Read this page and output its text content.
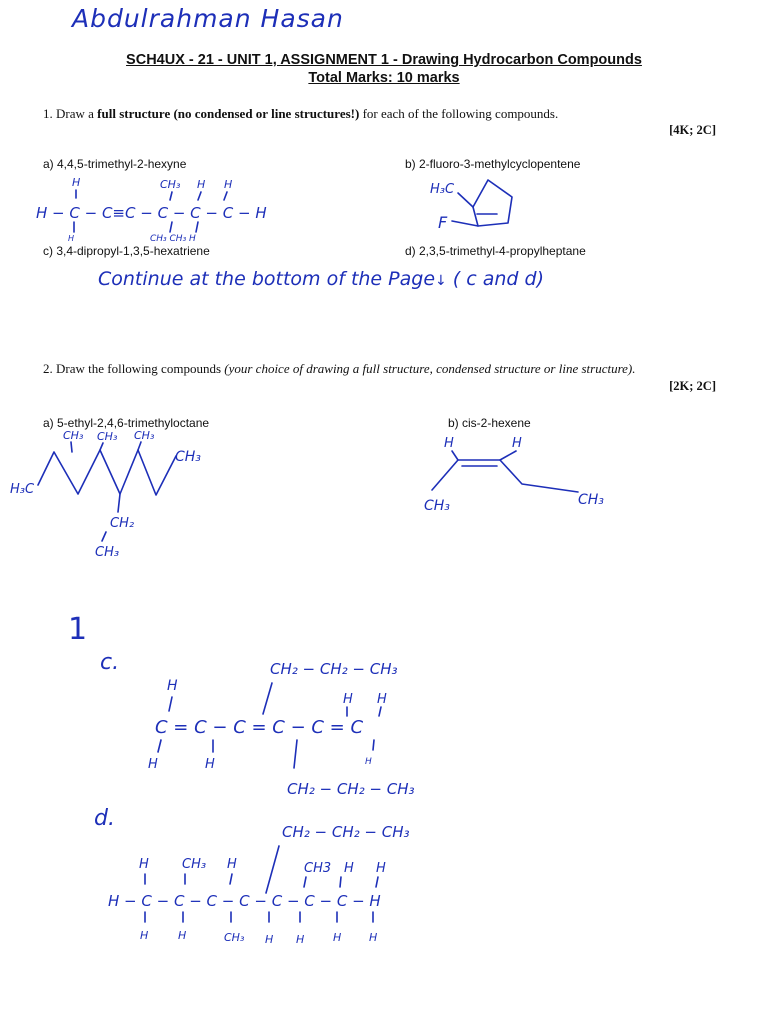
Abdulrahman Hasan
SCH4UX - 21 - UNIT 1, ASSIGNMENT 1 - Drawing Hydrocarbon Compounds
Total Marks: 10 marks
1. Draw a full structure (no condensed or line structures!) for each of the following compounds.
[4K; 2C]
a) 4,4,5-trimethyl-2-hexyne	b) 2-fluoro-3-methylcyclopentene
c) 3,4-dipropyl-1,3,5-hexatriene	d) 2,3,5-trimethyl-4-propylheptane
2. Draw the following compounds (your choice of drawing a full structure, condensed structure or line structure).
[2K; 2C]
a) 5-ethyl-2,4,6-trimethyloctane	b) cis-2-hexene
Continue at the bottom of the Page↓ ( c and d)
1
c.
d.
H	CH₃ H H
H − C − C≡C − C − C − C − H
H	CH₃ CH₃ H
H₃C
F
H₃C
CH₃
CH₃ CH₃ CH₃
CH₂
CH₃
H	H
CH₃	CH₃
CH₂ − CH₂ − CH₃
H
H H
C = C − C = C − C = C
H	H	H
CH₂ − CH₂ − CH₃
CH₂ − CH₂ − CH₃
H	CH₃ H	CH3 H H
H − C − C − C − C − C − C − C − H
H	H	CH₃ H H	H	H
